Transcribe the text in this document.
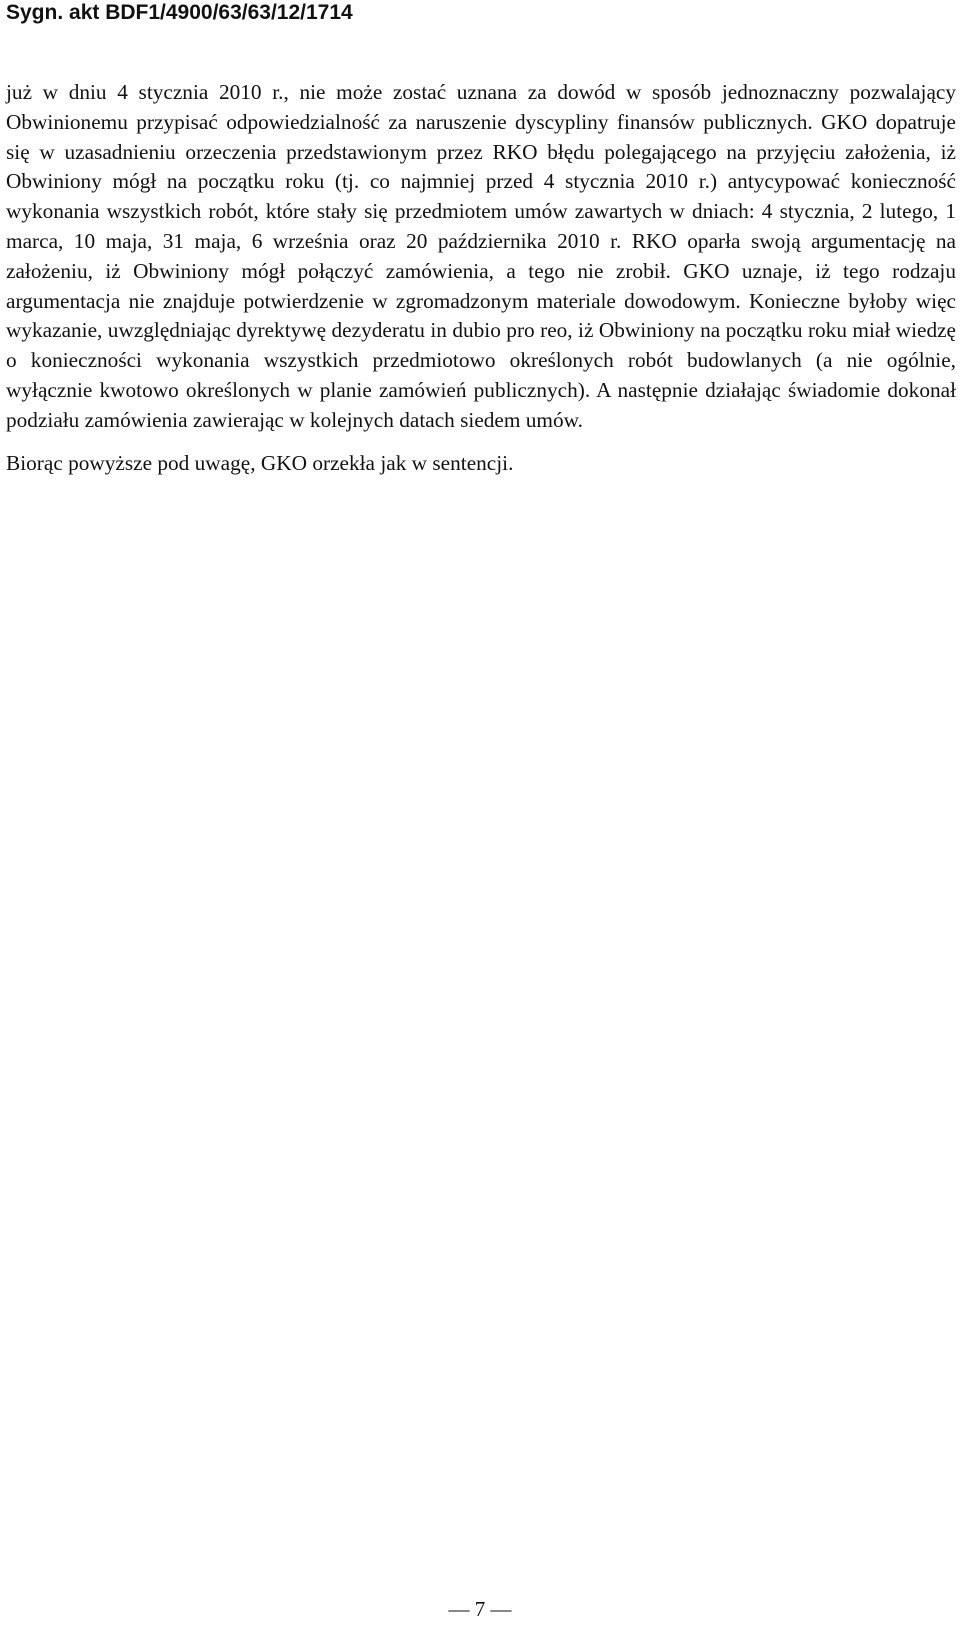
Sygn. akt BDF1/4900/63/63/12/1714

już w dniu 4 stycznia 2010 r., nie może zostać uznana za dowód w sposób jednoznaczny pozwalający Obwinionemu przypisać odpowiedzialność za naruszenie dyscypliny finansów publicznych. GKO dopatruje się w uzasadnieniu orzeczenia przedstawionym przez RKO błędu polegającego na przyjęciu założenia, iż Obwiniony mógł na początku roku (tj. co najmniej przed 4 stycznia 2010 r.) antycypować konieczność wykonania wszystkich robót, które stały się przedmiotem umów zawartych w dniach: 4 stycznia, 2 lutego, 1 marca, 10 maja, 31 maja, 6 września oraz 20 października 2010 r. RKO oparła swoją argumentację na założeniu, iż Obwiniony mógł połączyć zamówienia, a tego nie zrobił. GKO uznaje, iż tego rodzaju argumentacja nie znajduje potwierdzenie w zgromadzonym materiale dowodowym. Konieczne byłoby więc wykazanie, uwzględniając dyrektywę dezyderatu in dubio pro reo, iż Obwiniony na początku roku miał wiedzę o konieczności wykonania wszystkich przedmiotowo określonych robót budowlanych (a nie ogólnie, wyłącznie kwotowo określonych w planie zamówień publicznych). A następnie działając świadomie dokonał podziału zamówienia zawierając w kolejnych datach siedem umów.

Biorąc powyższe pod uwagę, GKO orzekła jak w sentencji.

— 7 —
